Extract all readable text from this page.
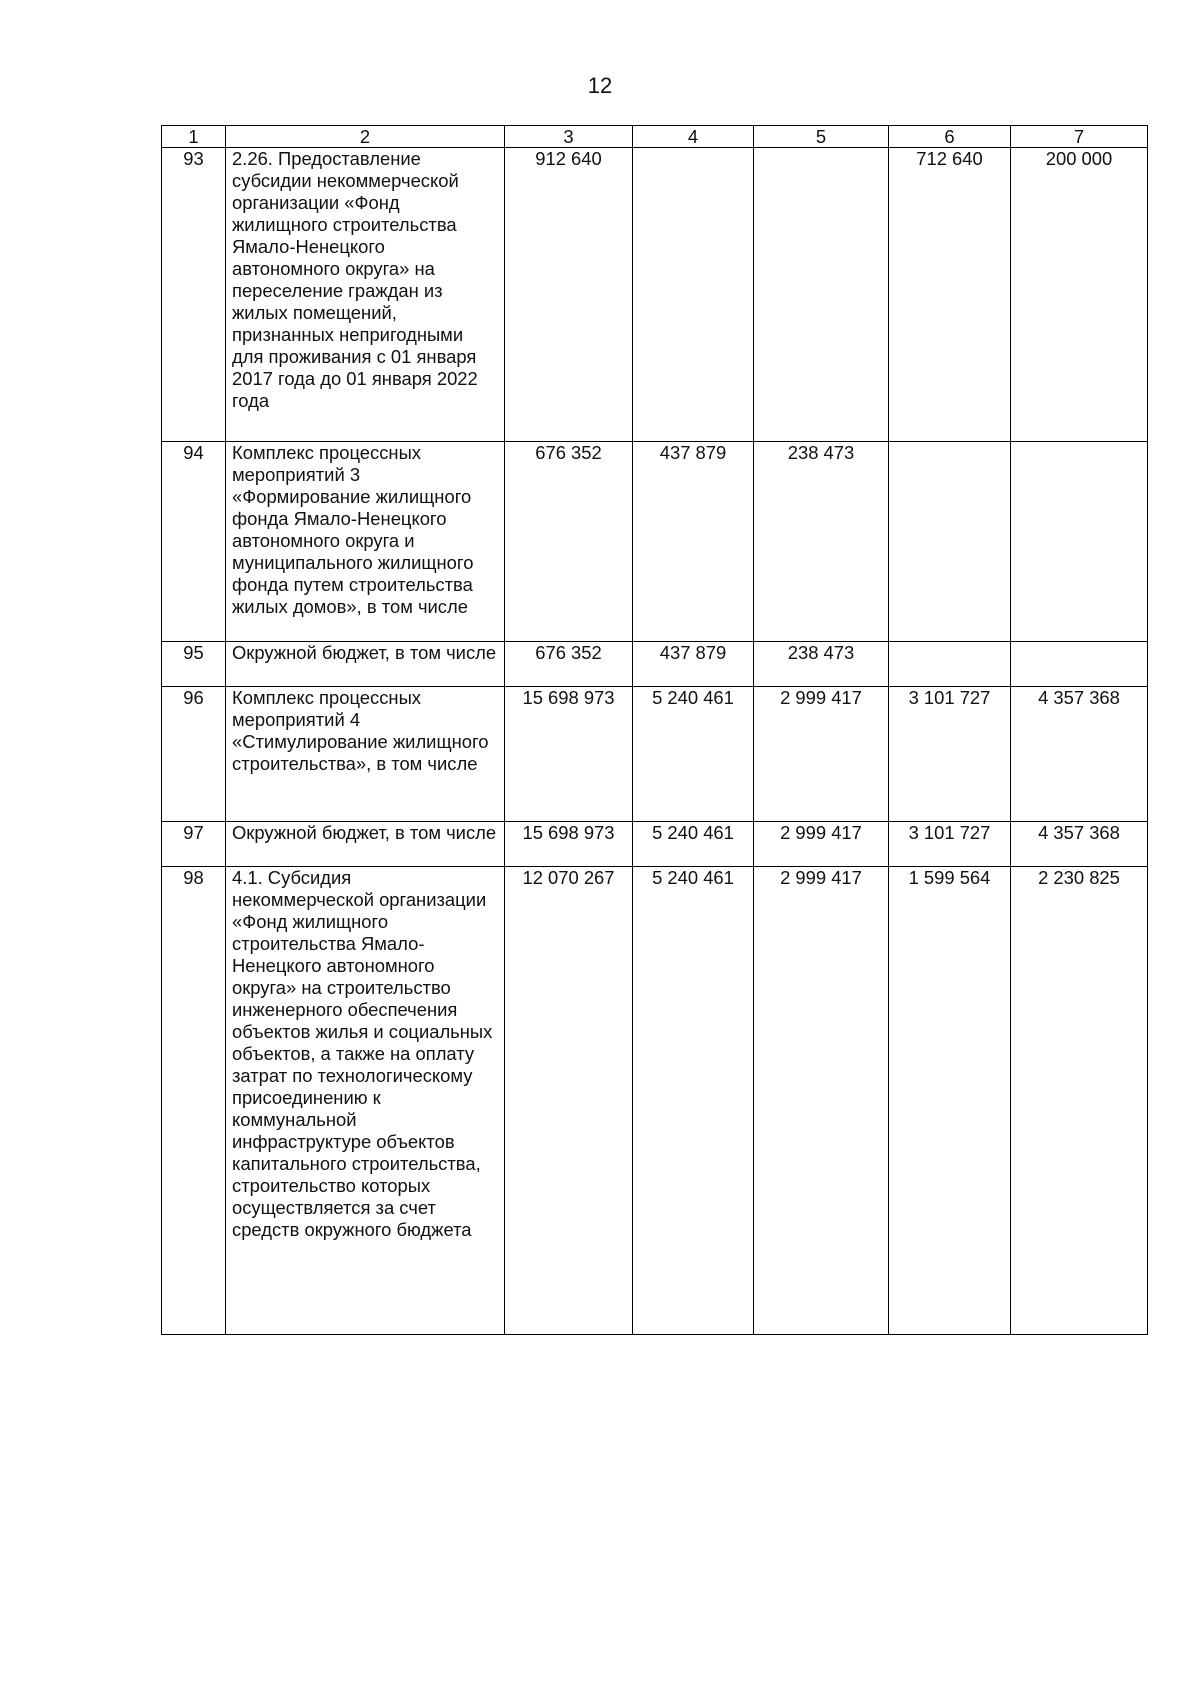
12
1	2	3	4	5	6	7
93	2.26. Предоставление субсидии некоммерческой организации «Фонд жилищного строительства Ямало-Ненецкого автономного округа» на переселение граждан из жилых помещений, признанных непригодными для проживания с 01 января 2017 года до 01 января 2022 года	912 640			712 640	200 000
94	Комплекс процессных мероприятий 3 «Формирование жилищного фонда Ямало-Ненецкого автономного округа и муниципального жилищного фонда путем строительства жилых домов», в том числе	676 352	437 879	238 473		
95	Окружной бюджет, в том числе	676 352	437 879	238 473		
96	Комплекс процессных мероприятий 4 «Стимулирование жилищного строительства», в том числе	15 698 973	5 240 461	2 999 417	3 101 727	4 357 368
97	Окружной бюджет, в том числе	15 698 973	5 240 461	2 999 417	3 101 727	4 357 368
98	4.1. Субсидия некоммерческой организации «Фонд жилищного строительства Ямало-Ненецкого автономного округа» на строительство инженерного обеспечения объектов жилья и социальных объектов, а также на оплату затрат по технологическому присоединению к коммунальной инфраструктуре объектов капитального строительства, строительство которых осуществляется за счет средств окружного бюджета	12 070 267	5 240 461	2 999 417	1 599 564	2 230 825
